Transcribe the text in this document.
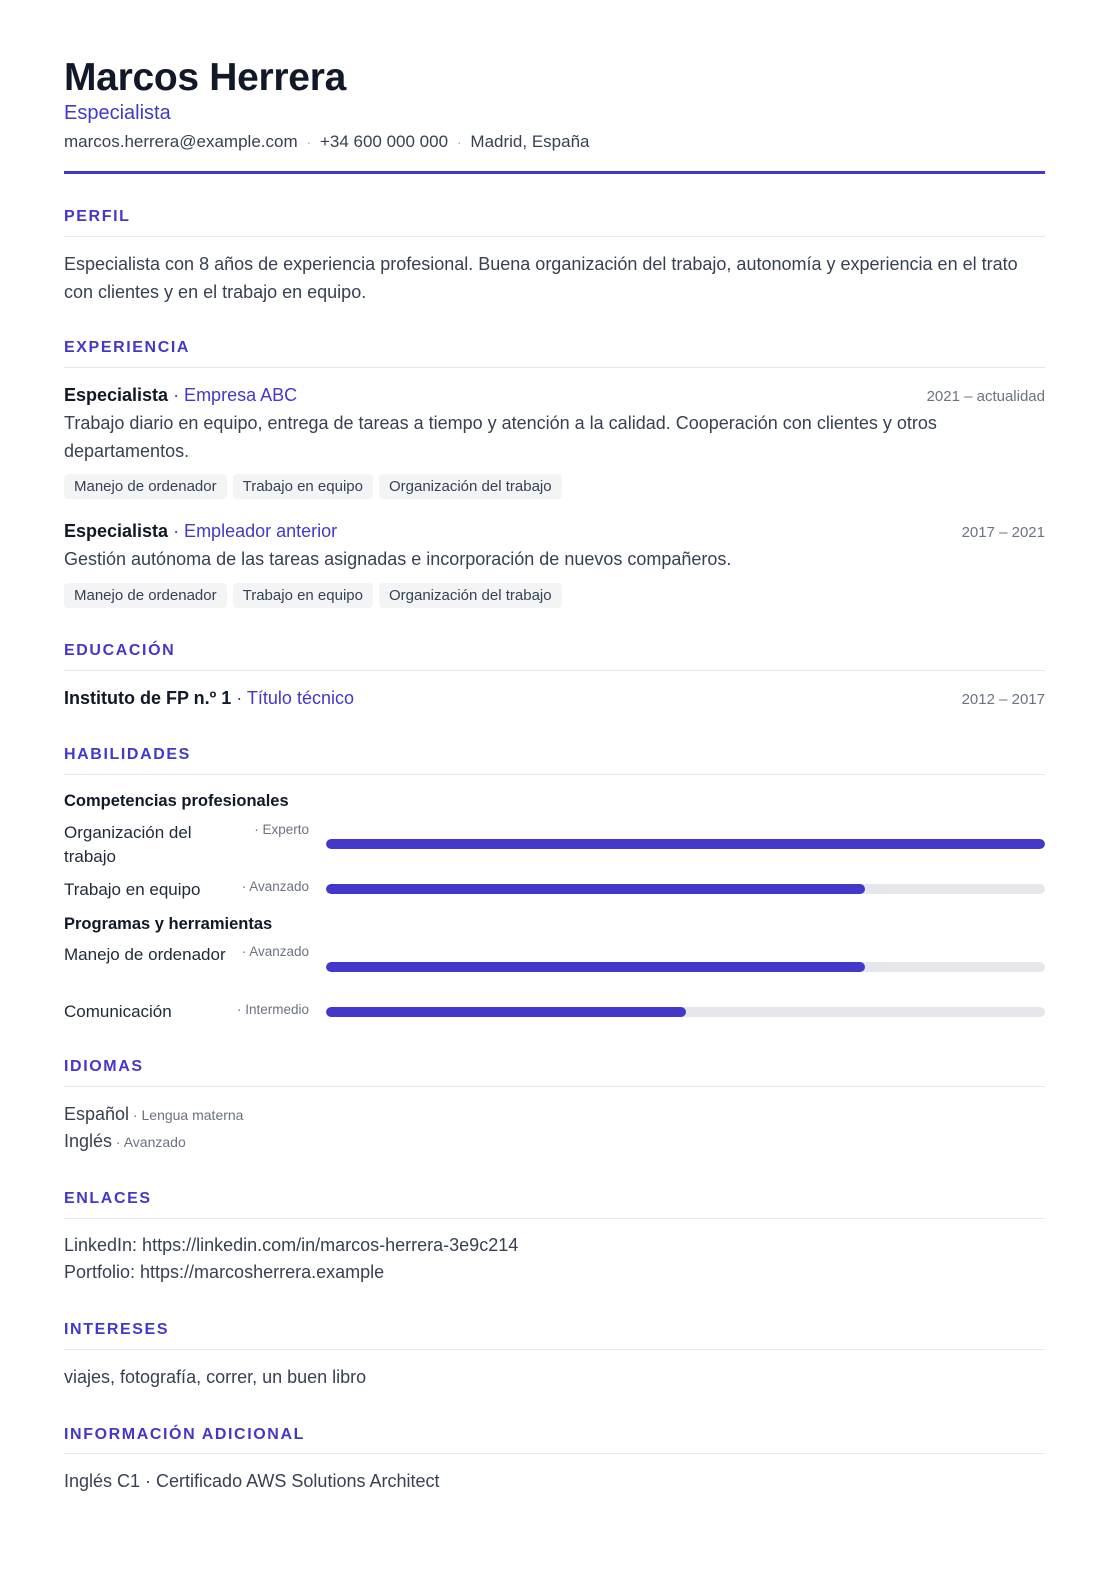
Marcos Herrera
Especialista
marcos.herrera@example.com · +34 600 000 000 · Madrid, España
PERFIL
Especialista con 8 años de experiencia profesional. Buena organización del trabajo, autonomía y experiencia en el trato con clientes y en el trabajo en equipo.
EXPERIENCIA
Especialista · Empresa ABC	2021 – actualidad
Trabajo diario en equipo, entrega de tareas a tiempo y atención a la calidad. Cooperación con clientes y otros departamentos.
Manejo de ordenador	Trabajo en equipo	Organización del trabajo
Especialista · Empleador anterior	2017 – 2021
Gestión autónoma de las tareas asignadas e incorporación de nuevos compañeros.
Manejo de ordenador	Trabajo en equipo	Organización del trabajo
EDUCACIÓN
Instituto de FP n.º 1 · Título técnico	2012 – 2017
HABILIDADES
Competencias profesionales
Organización del trabajo
· Experto
Trabajo en equipo	· Avanzado
Programas y herramientas
Manejo de ordenador · Avanzado
Comunicación	· Intermedio
IDIOMAS
Español · Lengua materna
Inglés · Avanzado
ENLACES
LinkedIn: https://linkedin.com/in/marcos-herrera-3e9c214
Portfolio: https://marcosherrera.example
INTERESES
viajes, fotografía, correr, un buen libro
INFORMACIÓN ADICIONAL
Inglés C1 · Certificado AWS Solutions Architect
